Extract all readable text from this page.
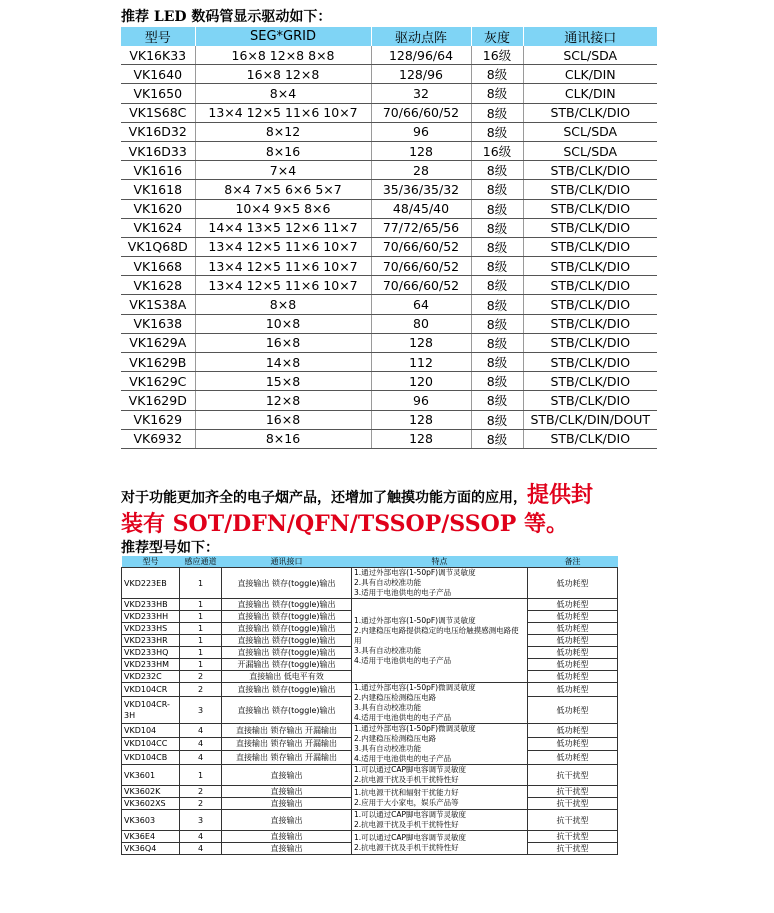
推荐 LED 数码管显示驱动如下：
型号	SEG*GRID	驱动点阵	灰度	通讯接口
VK16K33	16×8 12×8 8×8	128/96/64	16级	SCL/SDA
VK1640	16×8 12×8	128/96	8级	CLK/DIN
VK1650	8×4	32	8级	CLK/DIN
VK1S68C	13×4 12×5 11×6 10×7	70/66/60/52	8级	STB/CLK/DIO
VK16D32	8×12	96	8级	SCL/SDA
VK16D33	8×16	128	16级	SCL/SDA
VK1616	7×4	28	8级	STB/CLK/DIO
VK1618	8×4 7×5 6×6 5×7	35/36/35/32	8级	STB/CLK/DIO
VK1620	10×4 9×5 8×6	48/45/40	8级	STB/CLK/DIO
VK1624	14×4 13×5 12×6 11×7	77/72/65/56	8级	STB/CLK/DIO
VK1Q68D	13×4 12×5 11×6 10×7	70/66/60/52	8级	STB/CLK/DIO
VK1668	13×4 12×5 11×6 10×7	70/66/60/52	8级	STB/CLK/DIO
VK1628	13×4 12×5 11×6 10×7	70/66/60/52	8级	STB/CLK/DIO
VK1S38A	8×8	64	8级	STB/CLK/DIO
VK1638	10×8	80	8级	STB/CLK/DIO
VK1629A	16×8	128	8级	STB/CLK/DIO
VK1629B	14×8	112	8级	STB/CLK/DIO
VK1629C	15×8	120	8级	STB/CLK/DIO
VK1629D	12×8	96	8级	STB/CLK/DIO
VK1629	16×8	128	8级	STB/CLK/DIN/DOUT
VK6932	8×16	128	8级	STB/CLK/DIO
对于功能更加齐全的电子烟产品，还增加了触摸功能方面的应用，提供封
装有 SOT/DFN/QFN/TSSOP/SSOP 等。
推荐型号如下：
型号	感应通道	通讯接口	特点	备注
VKD223EB	1	直接输出 锁存(toggle)输出	1.通过外部电容(1-50pF)调节灵敏度
2.具有自动校准功能
3.适用于电池供电的电子产品	低功耗型
VKD233HB	1	直接输出 锁存(toggle)输出	1.通过外部电容(1-50pF)调节灵敏度
2.内建稳压电路提供稳定的电压给触摸感测电路使用
3.具有自动校准功能
4.适用于电池供电的电子产品	低功耗型
VKD233HH	1	直接输出 锁存(toggle)输出		低功耗型
VKD233HS	1	直接输出 锁存(toggle)输出		低功耗型
VKD233HR	1	直接输出 锁存(toggle)输出		低功耗型
VKD233HQ	1	直接输出 锁存(toggle)输出		低功耗型
VKD233HM	1	开漏输出 锁存(toggle)输出		低功耗型
VKD232C	2	直接输出 低电平有效		低功耗型
VKD104CR	2	直接输出 锁存(toggle)输出	1.通过外部电容(1-50pF)微调灵敏度
2.内建稳压检测稳压电路
3.具有自动校准功能
4.适用于电池供电的电子产品	低功耗型
VKD104CR-3H	3	直接输出 锁存(toggle)输出		低功耗型
VKD104	4	直接输出 锁存输出 开漏输出	1.通过外部电容(1-50pF)微调灵敏度
2.内建稳压检测稳压电路
3.具有自动校准功能
4.适用于电池供电的电子产品	低功耗型
VKD104CC	4	直接输出 锁存输出 开漏输出		低功耗型
VKD104CB	4	直接输出 锁存输出 开漏输出		低功耗型
VK3601	1	直接输出	1.可以通过CAP脚电容调节灵敏度
2.抗电源干扰及手机干扰特性好	抗干扰型
VK3602K	2	直接输出	1.抗电源干扰和辐射干扰能力好
2.应用于大小家电，娱乐产品等	抗干扰型
VK3602XS	2	直接输出		抗干扰型
VK3603	3	直接输出	1.可以通过CAP脚电容调节灵敏度
2.抗电源干扰及手机干扰特性好	抗干扰型
VK36E4	4	直接输出	1.可以通过CAP脚电容调节灵敏度
2.抗电源干扰及手机干扰特性好	抗干扰型
VK36Q4	4	直接输出		抗干扰型
